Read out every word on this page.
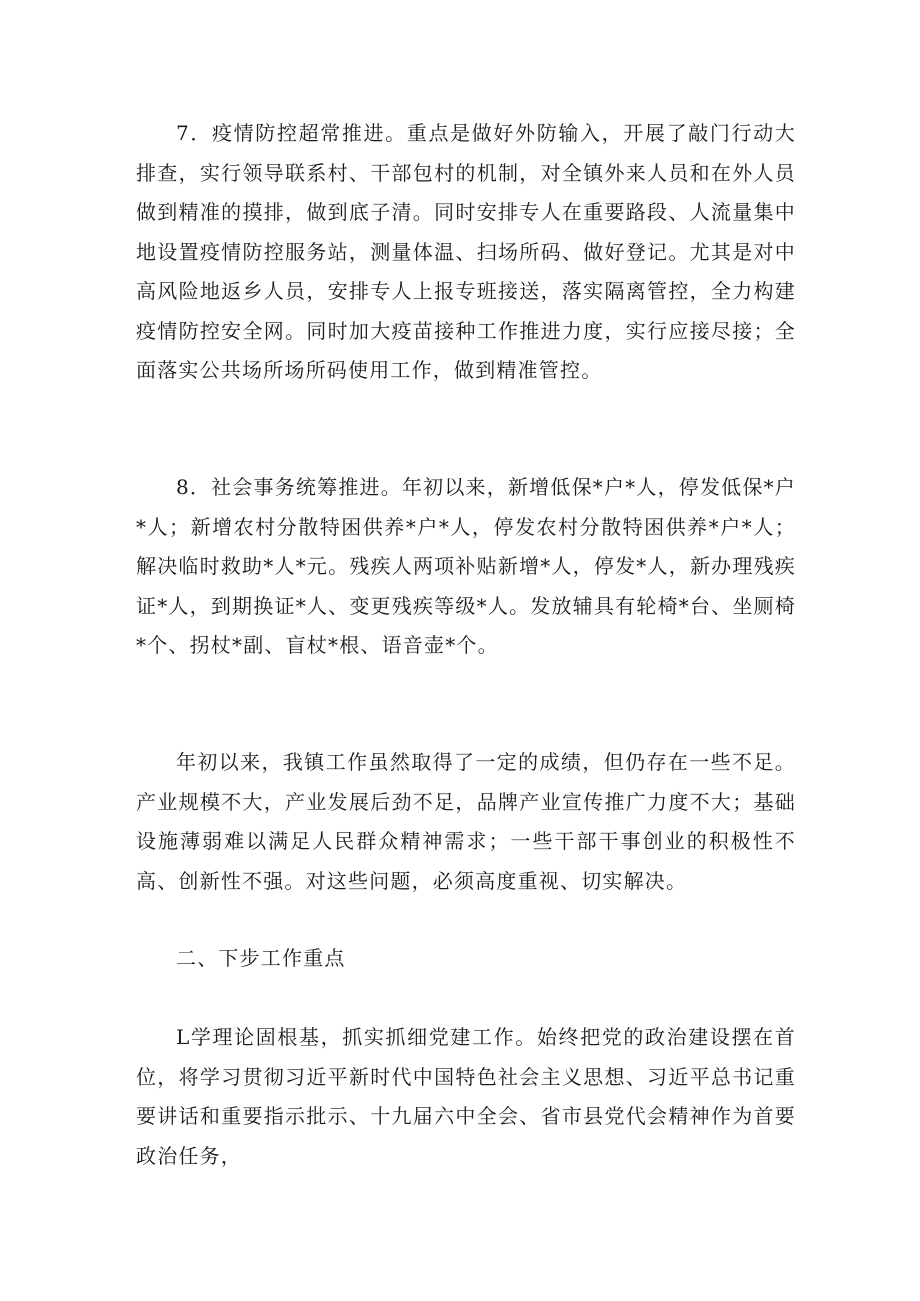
7．疫情防控超常推进。重点是做好外防输入，开展了敲门行动大排查，实行领导联系村、干部包村的机制，对全镇外来人员和在外人员做到精准的摸排，做到底子清。同时安排专人在重要路段、人流量集中地设置疫情防控服务站，测量体温、扫场所码、做好登记。尤其是对中高风险地返乡人员，安排专人上报专班接送，落实隔离管控，全力构建疫情防控安全网。同时加大疫苗接种工作推进力度，实行应接尽接；全面落实公共场所场所码使用工作，做到精准管控。

8．社会事务统筹推进。年初以来，新增低保*户*人，停发低保*户*人；新增农村分散特困供养*户*人，停发农村分散特困供养*户*人；解决临时救助*人*元。残疾人两项补贴新增*人，停发*人，新办理残疾证*人，到期换证*人、变更残疾等级*人。发放辅具有轮椅*台、坐厕椅*个、拐杖*副、盲杖*根、语音壶*个。

年初以来，我镇工作虽然取得了一定的成绩，但仍存在一些不足。产业规模不大，产业发展后劲不足，品牌产业宣传推广力度不大；基础设施薄弱难以满足人民群众精神需求；一些干部干事创业的积极性不高、创新性不强。对这些问题，必须高度重视、切实解决。

二、下步工作重点

L学理论固根基，抓实抓细党建工作。始终把党的政治建设摆在首位，将学习贯彻习近平新时代中国特色社会主义思想、习近平总书记重要讲话和重要指示批示、十九届六中全会、省市县党代会精神作为首要政治任务，
